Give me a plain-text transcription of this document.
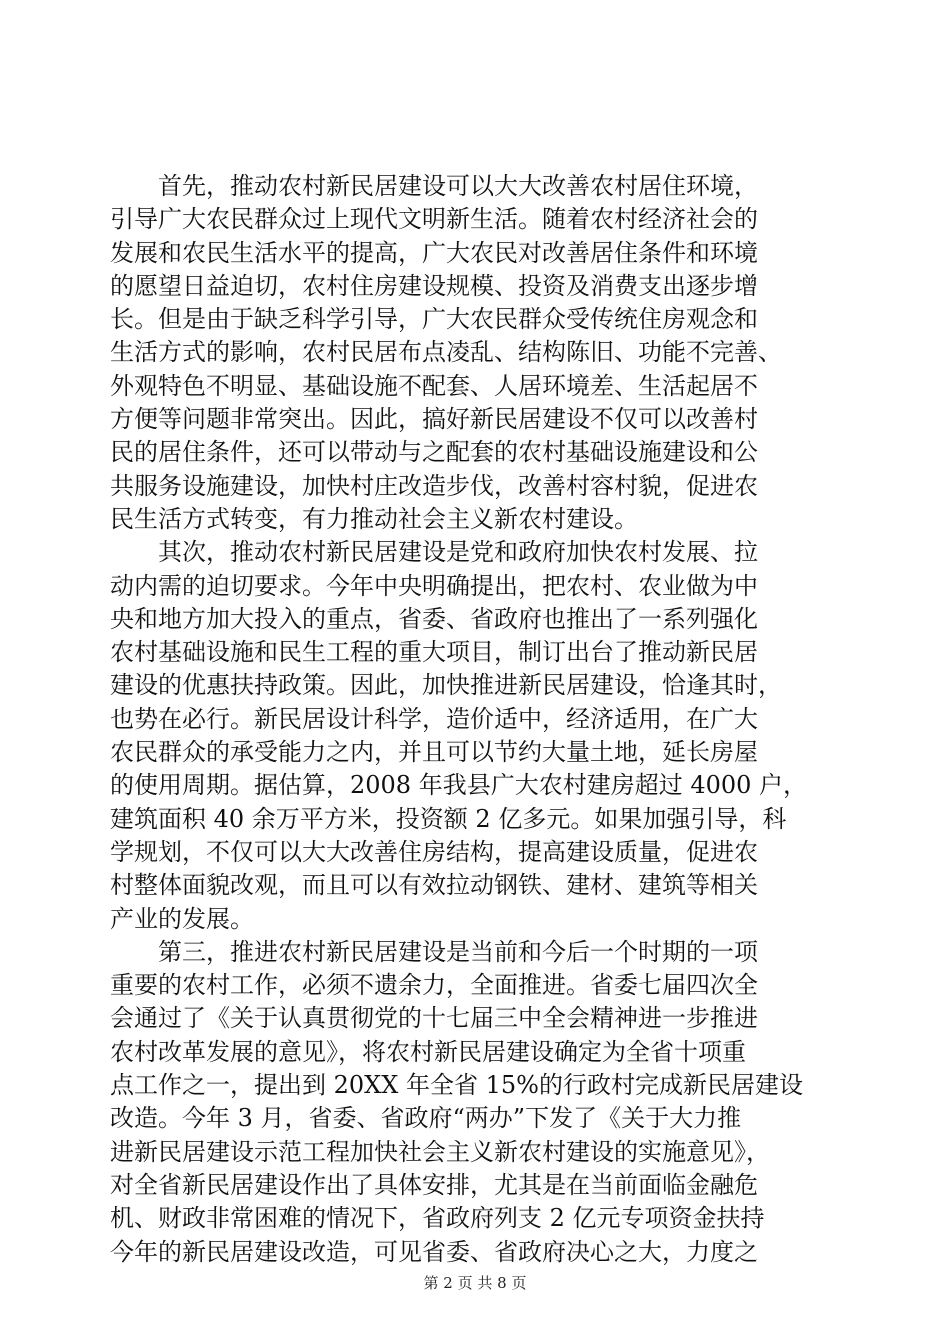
　　首先，推动农村新民居建设可以大大改善农村居住环境，
引导广大农民群众过上现代文明新生活。随着农村经济社会的
发展和农民生活水平的提高，广大农民对改善居住条件和环境
的愿望日益迫切，农村住房建设规模、投资及消费支出逐步增
长。但是由于缺乏科学引导，广大农民群众受传统住房观念和
生活方式的影响，农村民居布点凌乱、结构陈旧、功能不完善、
外观特色不明显、基础设施不配套、人居环境差、生活起居不
方便等问题非常突出。因此，搞好新民居建设不仅可以改善村
民的居住条件，还可以带动与之配套的农村基础设施建设和公
共服务设施建设，加快村庄改造步伐，改善村容村貌，促进农
民生活方式转变，有力推动社会主义新农村建设。
　　其次，推动农村新民居建设是党和政府加快农村发展、拉
动内需的迫切要求。今年中央明确提出，把农村、农业做为中
央和地方加大投入的重点，省委、省政府也推出了一系列强化
农村基础设施和民生工程的重大项目，制订出台了推动新民居
建设的优惠扶持政策。因此，加快推进新民居建设，恰逢其时，
也势在必行。新民居设计科学，造价适中，经济适用，在广大
农民群众的承受能力之内，并且可以节约大量土地，延长房屋
的使用周期。据估算，2008 年我县广大农村建房超过 4000 户，
建筑面积 40 余万平方米，投资额 2 亿多元。如果加强引导，科
学规划，不仅可以大大改善住房结构，提高建设质量，促进农
村整体面貌改观，而且可以有效拉动钢铁、建材、建筑等相关
产业的发展。
　　第三，推进农村新民居建设是当前和今后一个时期的一项
重要的农村工作，必须不遗余力，全面推进。省委七届四次全
会通过了《关于认真贯彻党的十七届三中全会精神进一步推进
农村改革发展的意见》，将农村新民居建设确定为全省十项重
点工作之一，提出到 20XX 年全省 15%的行政村完成新民居建设
改造。今年 3 月，省委、省政府“两办”下发了《关于大力推
进新民居建设示范工程加快社会主义新农村建设的实施意见》，
对全省新民居建设作出了具体安排，尤其是在当前面临金融危
机、财政非常困难的情况下，省政府列支 2 亿元专项资金扶持
今年的新民居建设改造，可见省委、省政府决心之大，力度之
第 2 页 共 8 页
